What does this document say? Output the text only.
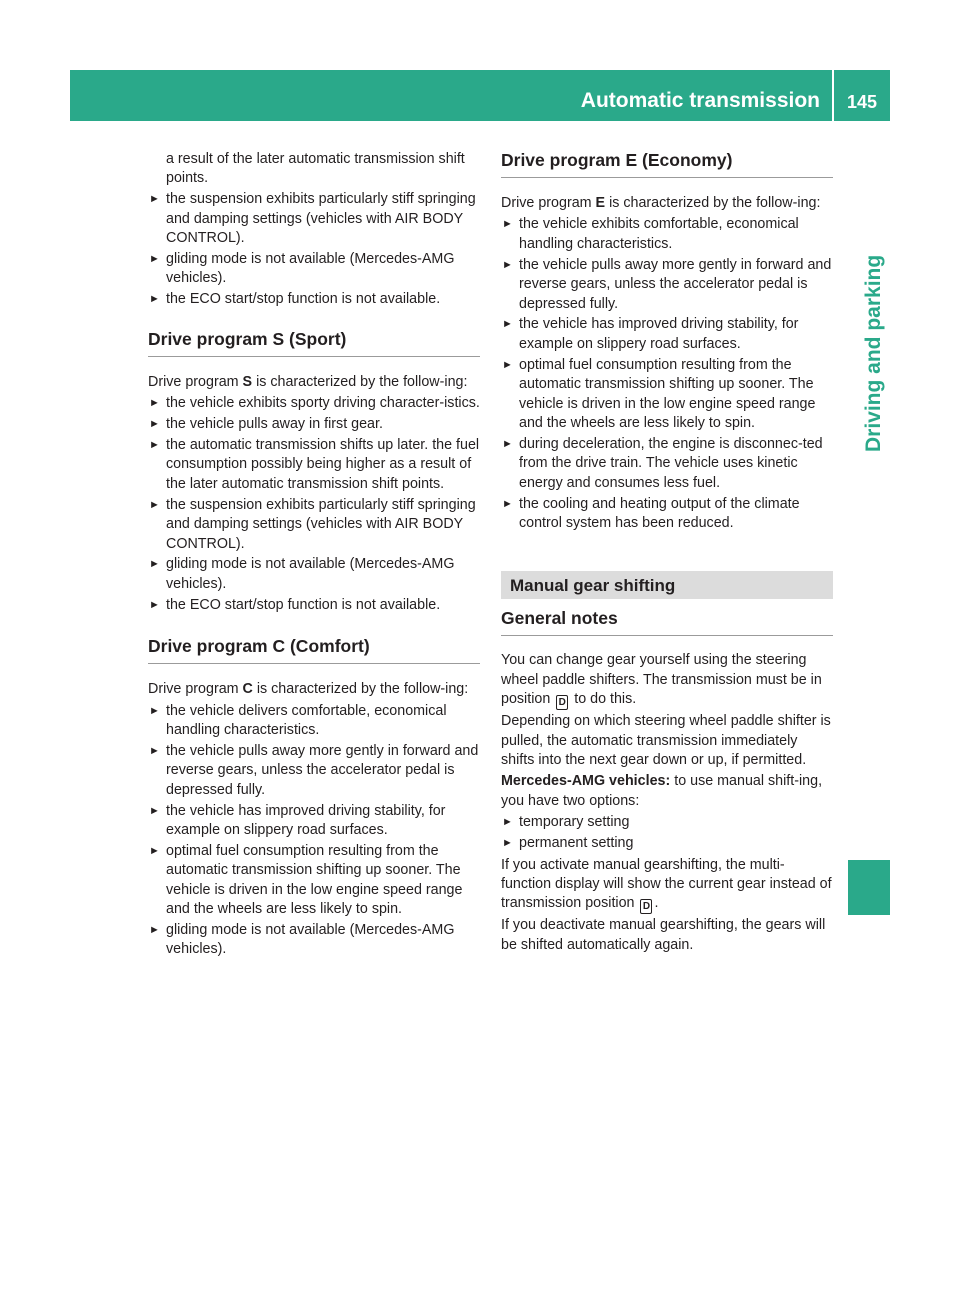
Automatic transmission	145
Driving and parking

a result of the later automatic transmission shift points.

► the suspension exhibits particularly stiff springing and damping settings (vehicles with AIR BODY CONTROL).
► gliding mode is not available (Mercedes-AMG vehicles).
► the ECO start/stop function is not available.
Drive program S (Sport)

Drive program S is characterized by the follow-ing:

► the vehicle exhibits sporty driving character-istics.
► the vehicle pulls away in first gear.
► the automatic transmission shifts up later. the fuel consumption possibly being higher as a result of the later automatic transmission shift points.
► the suspension exhibits particularly stiff springing and damping settings (vehicles with AIR BODY CONTROL).
► gliding mode is not available (Mercedes-AMG vehicles).
► the ECO start/stop function is not available.
Drive program C (Comfort)

Drive program C is characterized by the follow-ing:

► the vehicle delivers comfortable, economical handling characteristics.
► the vehicle pulls away more gently in forward and reverse gears, unless the accelerator pedal is depressed fully.
► the vehicle has improved driving stability, for example on slippery road surfaces.
► optimal fuel consumption resulting from the automatic transmission shifting up sooner. The vehicle is driven in the low engine speed range and the wheels are less likely to spin.
► gliding mode is not available (Mercedes-AMG vehicles).
Drive program E (Economy)

Drive program E is characterized by the follow-ing:

► the vehicle exhibits comfortable, economical handling characteristics.
► the vehicle pulls away more gently in forward and reverse gears, unless the accelerator pedal is depressed fully.
► the vehicle has improved driving stability, for example on slippery road surfaces.
► optimal fuel consumption resulting from the automatic transmission shifting up sooner. The vehicle is driven in the low engine speed range and the wheels are less likely to spin.
► during deceleration, the engine is disconnec-ted from the drive train. The vehicle uses kinetic energy and consumes less fuel.
► the cooling and heating output of the climate control system has been reduced.
Manual gear shifting
General notes

You can change gear yourself using the steering wheel paddle shifters. The transmission must be in position D to do this.

Depending on which steering wheel paddle shifter is pulled, the automatic transmission immediately shifts into the next gear down or up, if permitted.

Mercedes-AMG vehicles: to use manual shift-ing, you have two options:

► temporary setting
► permanent setting

If you activate manual gearshifting, the multi-function display will show the current gear instead of transmission position D .

If you deactivate manual gearshifting, the gears will be shifted automatically again.
